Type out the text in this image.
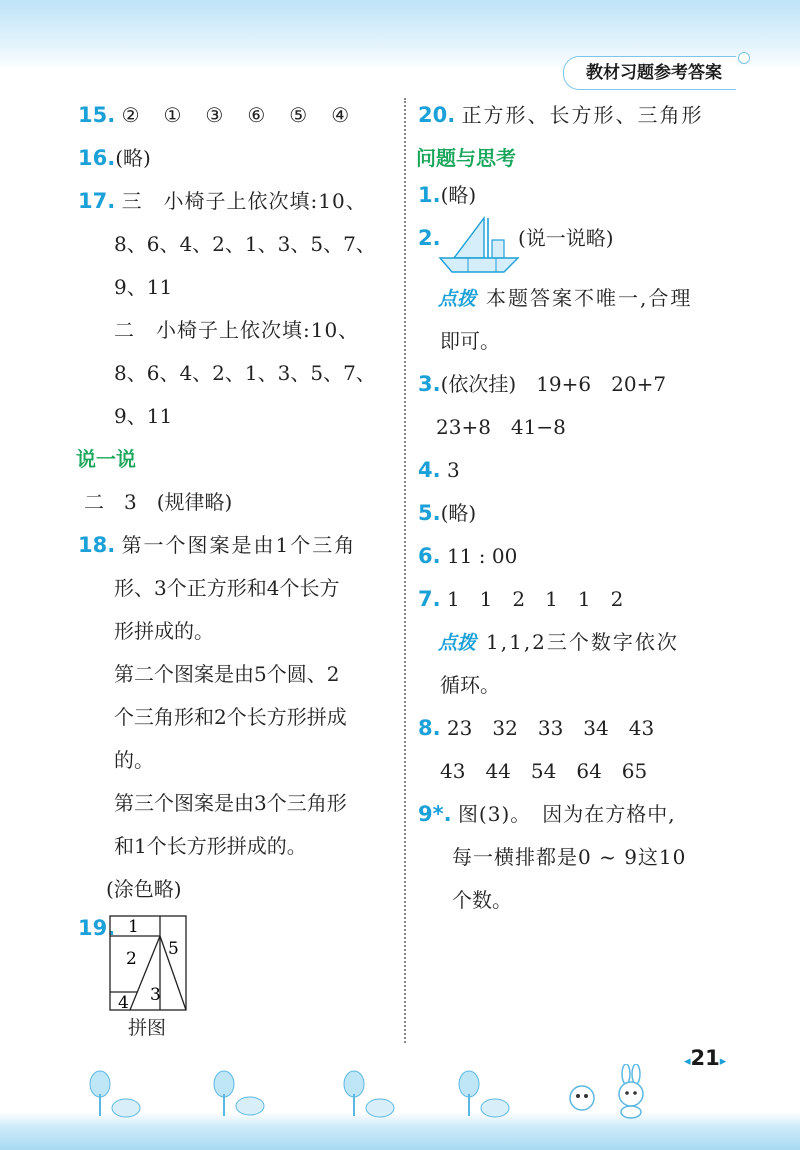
教材习题参考答案
15. ②　①　③　⑥　⑤　④
16.(略)
17. 三　小椅子上依次填:10、
8、6、4、2、1、3、5、7、
9、11
二　小椅子上依次填:10、
8、6、4、2、1、3、5、7、
9、11
说一说
二　3　(规律略)
18. 第一个图案是由1个三角
形、3个正方形和4个长方
形拼成的。
第二个图案是由5个圆、2
个三角形和2个长方形拼成
的。
第三个图案是由3个三角形
和1个长方形拼成的。
(涂色略)
19. 1
2 5
4 3
拼图
20. 正方形、长方形、三角形
问题与思考
1.(略)
2.	(说一说略)
点拨 本题答案不唯一,合理
即可。
3.(依次挂)　19+6　20+7
23+8　41−8
4. 3
5.(略)
6. 11 : 00
7. 1　1　2　1　1　2
点拨 1,1,2三个数字依次
循环。
8. 23　32　33　34　43
43　44　54　64　65
9*. 图(3)。　因为在方格中,
每一横排都是0 ~ 9这10
个数。
◂21▸
